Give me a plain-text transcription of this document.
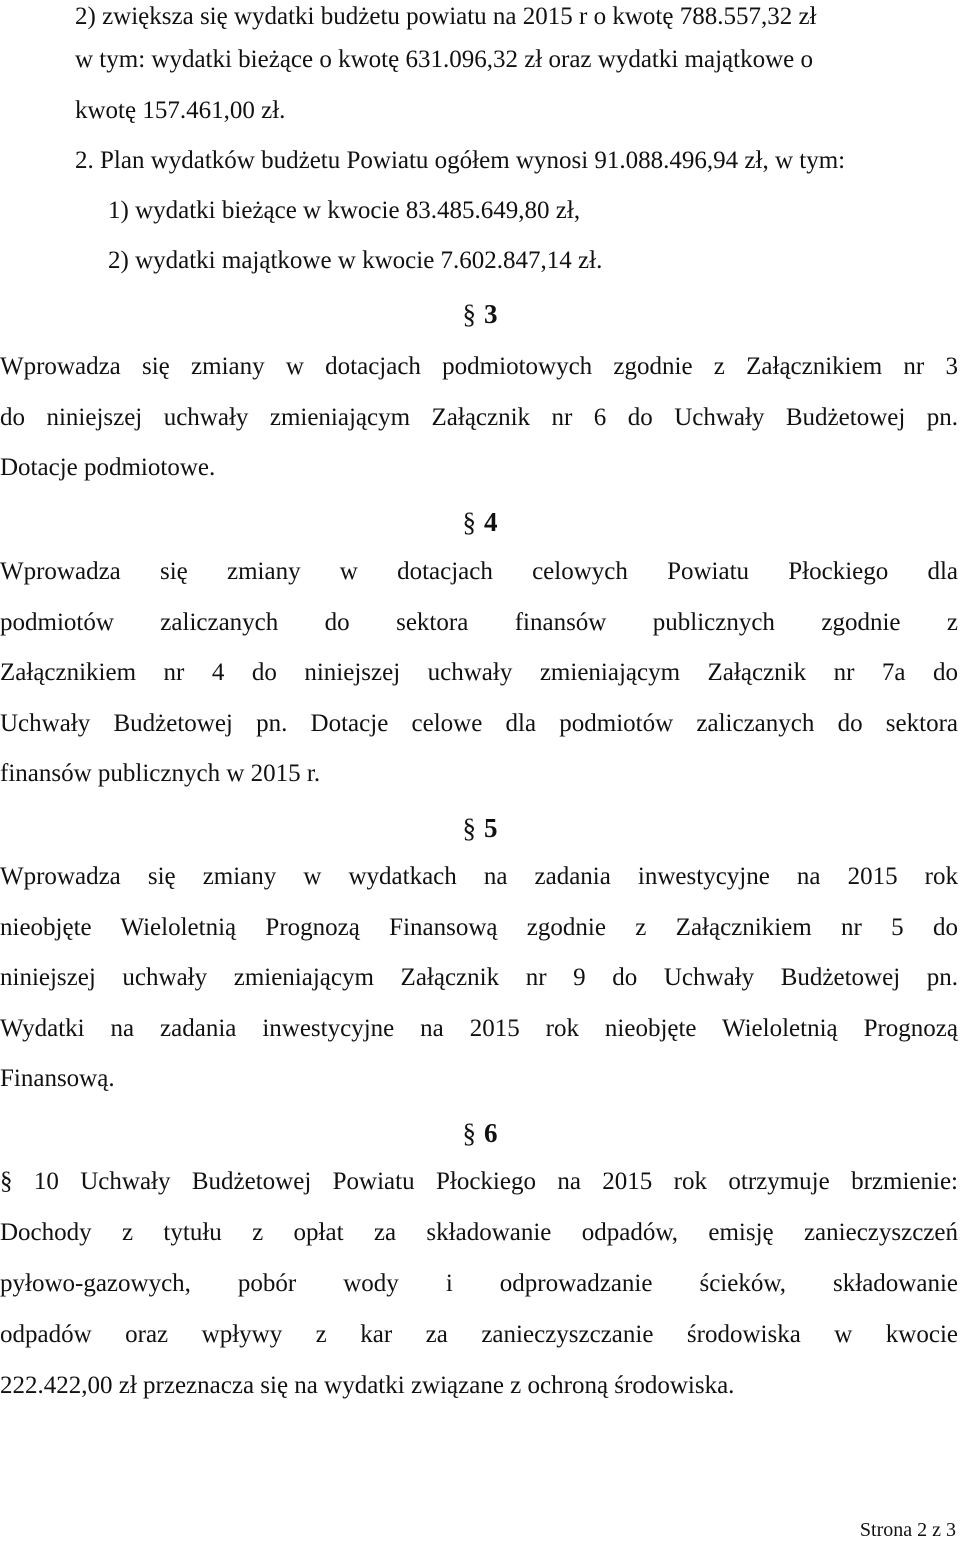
2) zwiększa się wydatki budżetu powiatu na 2015 r o kwotę 788.557,32 zł
w tym: wydatki bieżące o kwotę 631.096,32 zł oraz wydatki majątkowe o
kwotę 157.461,00 zł.
2. Plan wydatków budżetu Powiatu ogółem wynosi 91.088.496,94 zł, w tym:
1) wydatki bieżące w kwocie 83.485.649,80 zł,
2) wydatki majątkowe w kwocie 7.602.847,14 zł.
§ 3
Wprowadza się zmiany w dotacjach podmiotowych zgodnie z Załącznikiem nr 3
do niniejszej uchwały zmieniającym Załącznik nr 6 do Uchwały Budżetowej pn.
Dotacje podmiotowe.
§ 4
Wprowadza się zmiany w dotacjach celowych Powiatu Płockiego dla
podmiotów zaliczanych do sektora finansów publicznych zgodnie z
Załącznikiem nr 4 do niniejszej uchwały zmieniającym Załącznik nr 7a do
Uchwały Budżetowej pn. Dotacje celowe dla podmiotów zaliczanych do sektora
finansów publicznych w 2015 r.
§ 5
Wprowadza się zmiany w wydatkach na zadania inwestycyjne na 2015 rok
nieobjęte Wieloletnią Prognozą Finansową zgodnie z Załącznikiem nr 5 do
niniejszej uchwały zmieniającym Załącznik nr 9 do Uchwały Budżetowej pn.
Wydatki na zadania inwestycyjne na 2015 rok nieobjęte Wieloletnią Prognozą
Finansową.
§ 6
§ 10 Uchwały Budżetowej Powiatu Płockiego na 2015 rok otrzymuje brzmienie:
Dochody z tytułu z opłat za składowanie odpadów, emisję zanieczyszczeń
pyłowo-gazowych, pobór wody i odprowadzanie ścieków, składowanie
odpadów oraz wpływy z kar za zanieczyszczanie środowiska w kwocie
222.422,00 zł przeznacza się na wydatki związane z ochroną środowiska.
Strona 2 z 3
